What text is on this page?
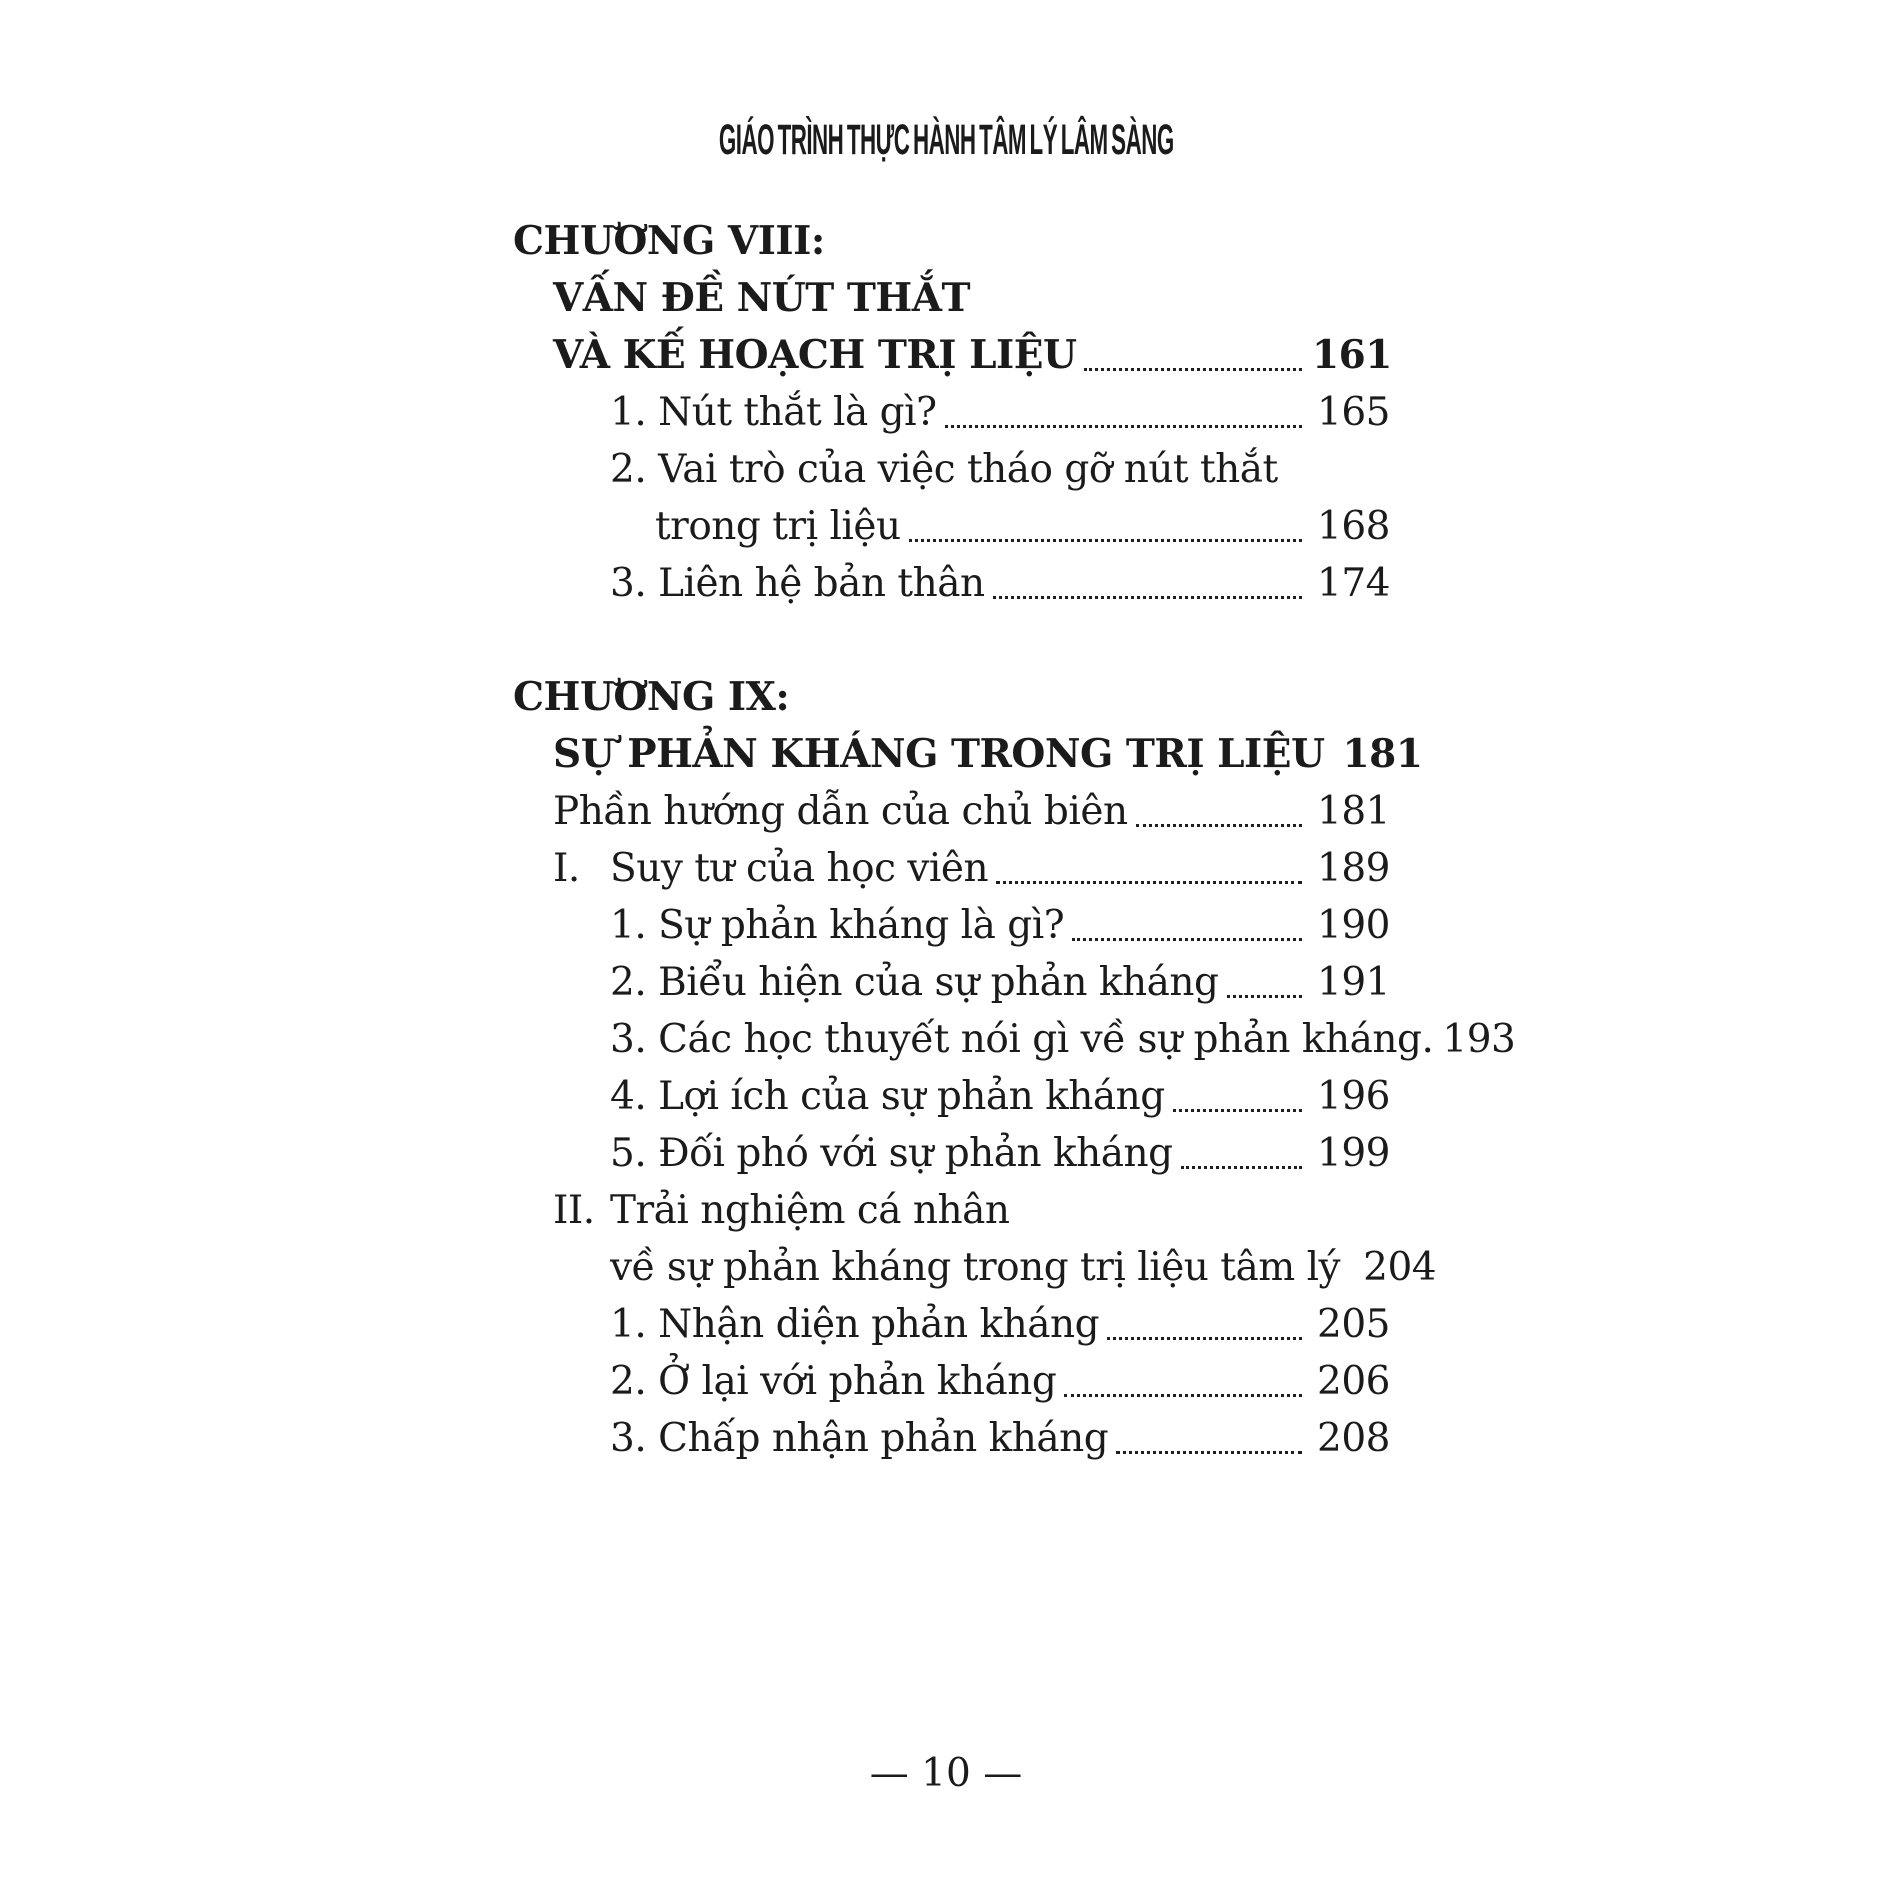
GIÁO TRÌNH THỰC HÀNH TÂM LÝ LÂM SÀNG
CHƯƠNG VIII:
VẤN ĐỀ NÚT THẮT
VÀ KẾ HOẠCH TRỊ LIỆU	161
1. Nút thắt là gì?	165
2. Vai trò của việc tháo gỡ nút thắt
trong trị liệu	168
3. Liên hệ bản thân	174
CHƯƠNG IX:
SỰ PHẢN KHÁNG TRONG TRỊ LIỆU 181
Phần hướng dẫn của chủ biên	181
I. Suy tư của học viên	189
1. Sự phản kháng là gì?	190
2. Biểu hiện của sự phản kháng	191
3. Các học thuyết nói gì về sự phản kháng. 193
4. Lợi ích của sự phản kháng	196
5. Đối phó với sự phản kháng	199
II. Trải nghiệm cá nhân
về sự phản kháng trong trị liệu tâm lý 204
1. Nhận diện phản kháng	205
2. Ở lại với phản kháng	206
3. Chấp nhận phản kháng	208
— 10 —
